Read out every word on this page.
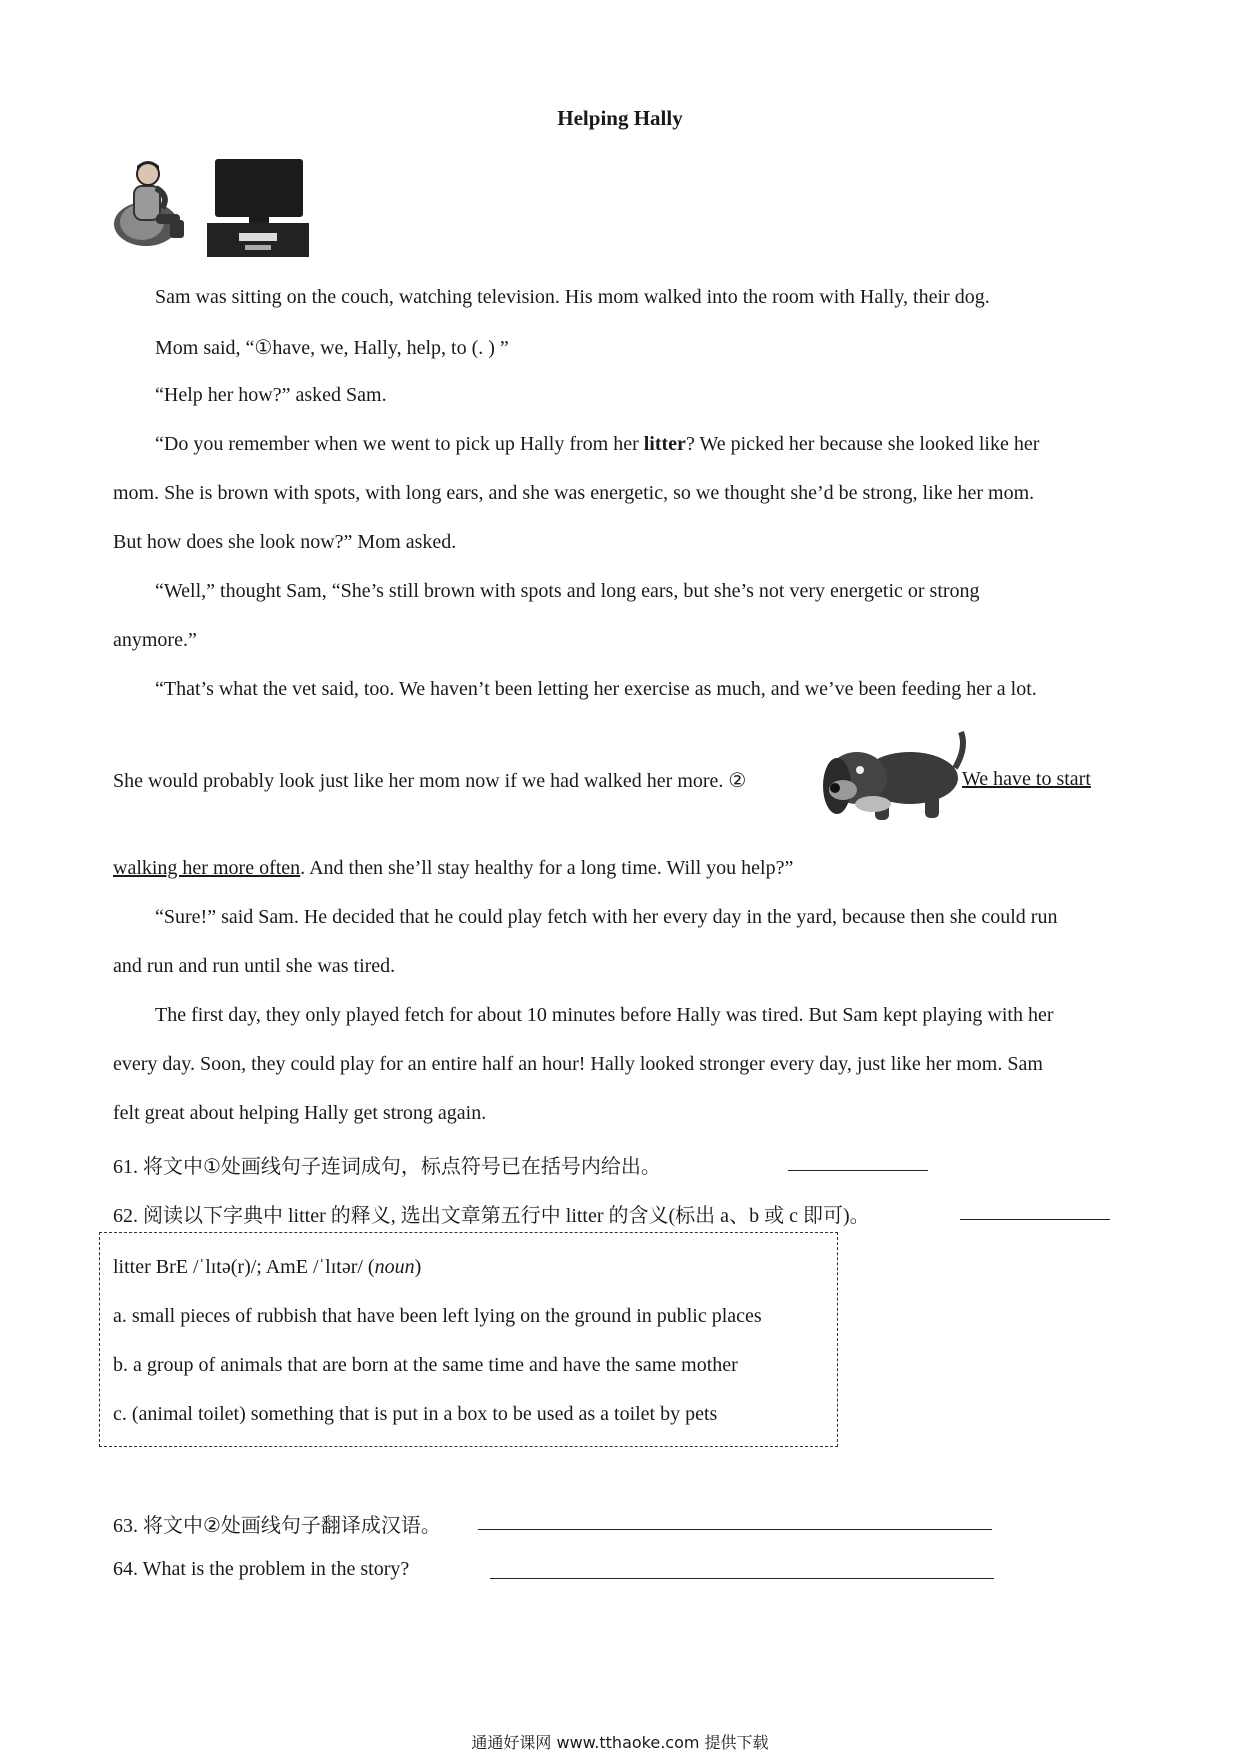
Helping Hally
Sam was sitting on the couch, watching television. His mom walked into the room with Hally, their dog.
Mom said, “①have, we, Hally, help, to (. ) ”
“Help her how?” asked Sam.
“Do you remember when we went to pick up Hally from her litter? We picked her because she looked like her
mom. She is brown with spots, with long ears, and she was energetic, so we thought she’d be strong, like her mom.
But how does she look now?” Mom asked.
“Well,” thought Sam, “She’s still brown with spots and long ears, but she’s not very energetic or strong
anymore.”
“That’s what the vet said, too. We haven’t been letting her exercise as much, and we’ve been feeding her a lot.
She would probably look just like her mom now if we had walked her more. ②	We have to start
walking her more often. And then she’ll stay healthy for a long time. Will you help?”
“Sure!” said Sam. He decided that he could play fetch with her every day in the yard, because then she could run
and run and run until she was tired.
The first day, they only played fetch for about 10 minutes before Hally was tired. But Sam kept playing with her
every day. Soon, they could play for an entire half an hour! Hally looked stronger every day, just like her mom. Sam
felt great about helping Hally get strong again.
61. 将文中①处画线句子连词成句，标点符号已在括号内给出。
62. 阅读以下字典中 litter 的释义, 选出文章第五行中 litter 的含义(标出 a、b 或 c 即可)。
litter BrE /ˈlɪtə(r)/; AmE /ˈlɪtər/ (noun)
a. small pieces of rubbish that have been left lying on the ground in public places
b. a group of animals that are born at the same time and have the same mother
c. (animal toilet) something that is put in a box to be used as a toilet by pets
63. 将文中②处画线句子翻译成汉语。
64. What is the problem in the story?
通通好课网 www.tthaoke.com 提供下载
